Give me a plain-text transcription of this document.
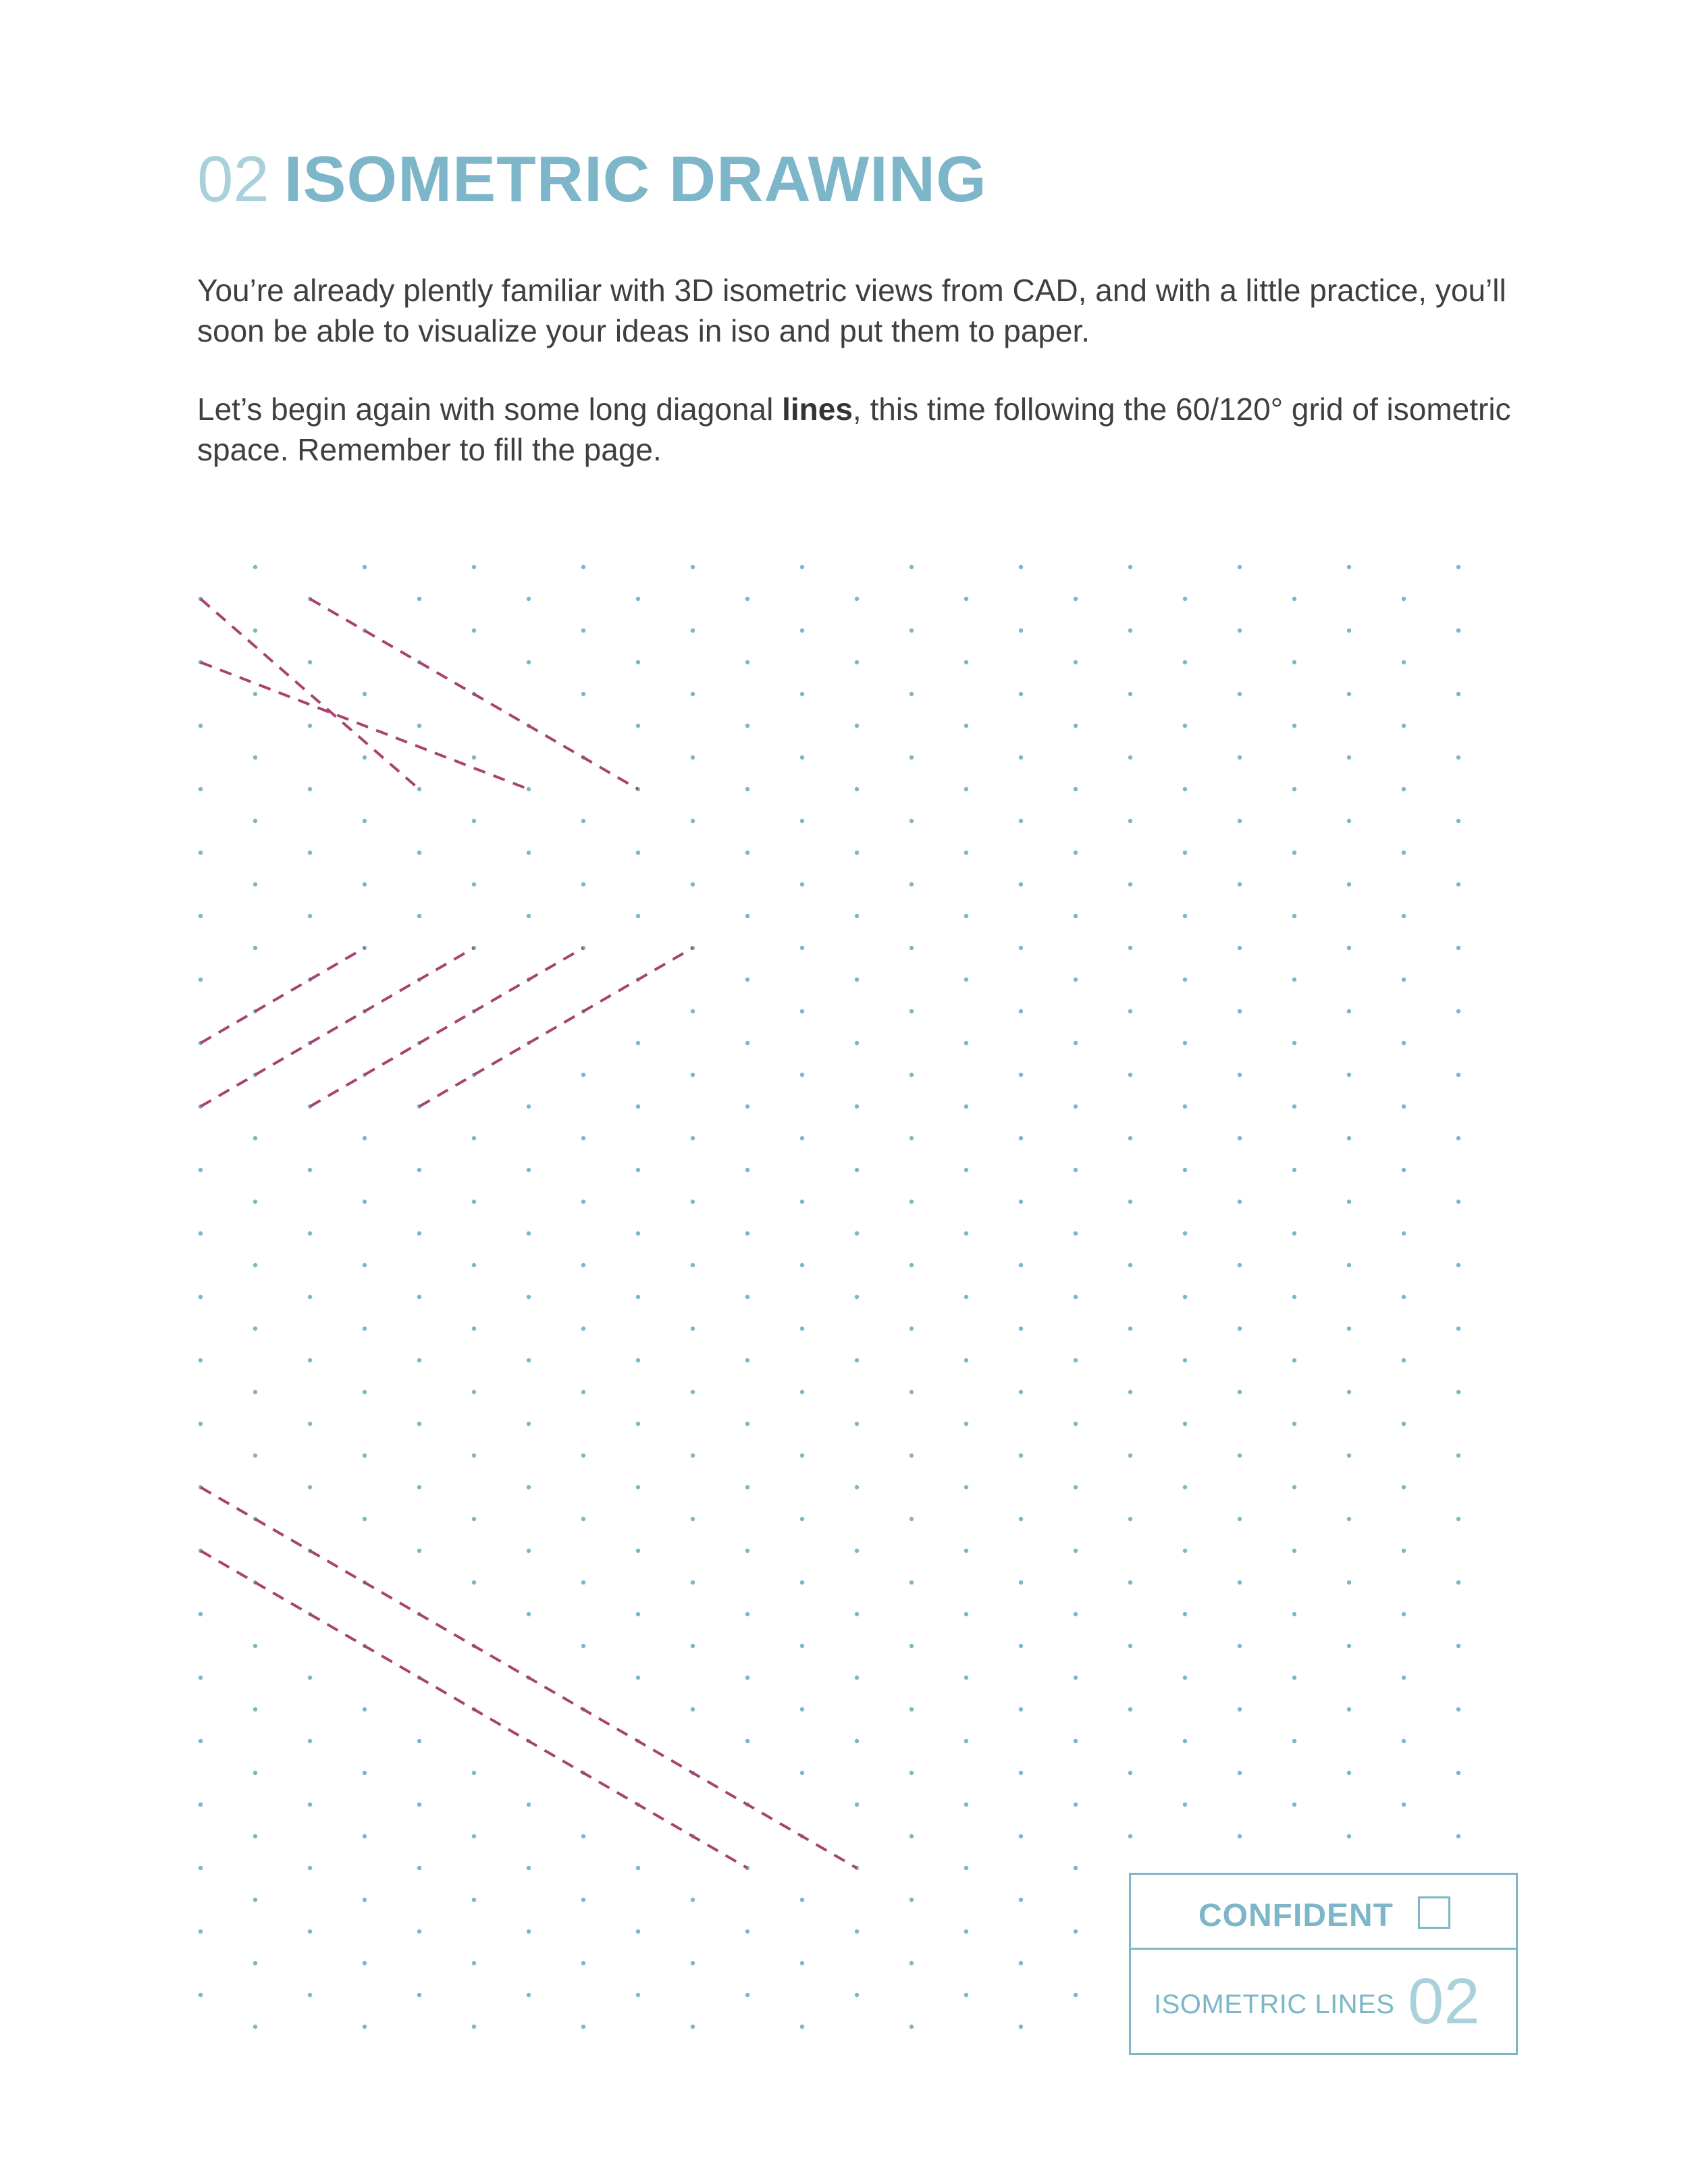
02 ISOMETRIC DRAWING

You’re already plently familiar with 3D isometric views from CAD, and with a little practice, you’ll soon be able to visualize your ideas in iso and put them to paper.

Let’s begin again with some long diagonal lines, this time following the 60/120° grid of isometric space. Remember to fill the page.

CONFIDENT
ISOMETRIC LINES 02
